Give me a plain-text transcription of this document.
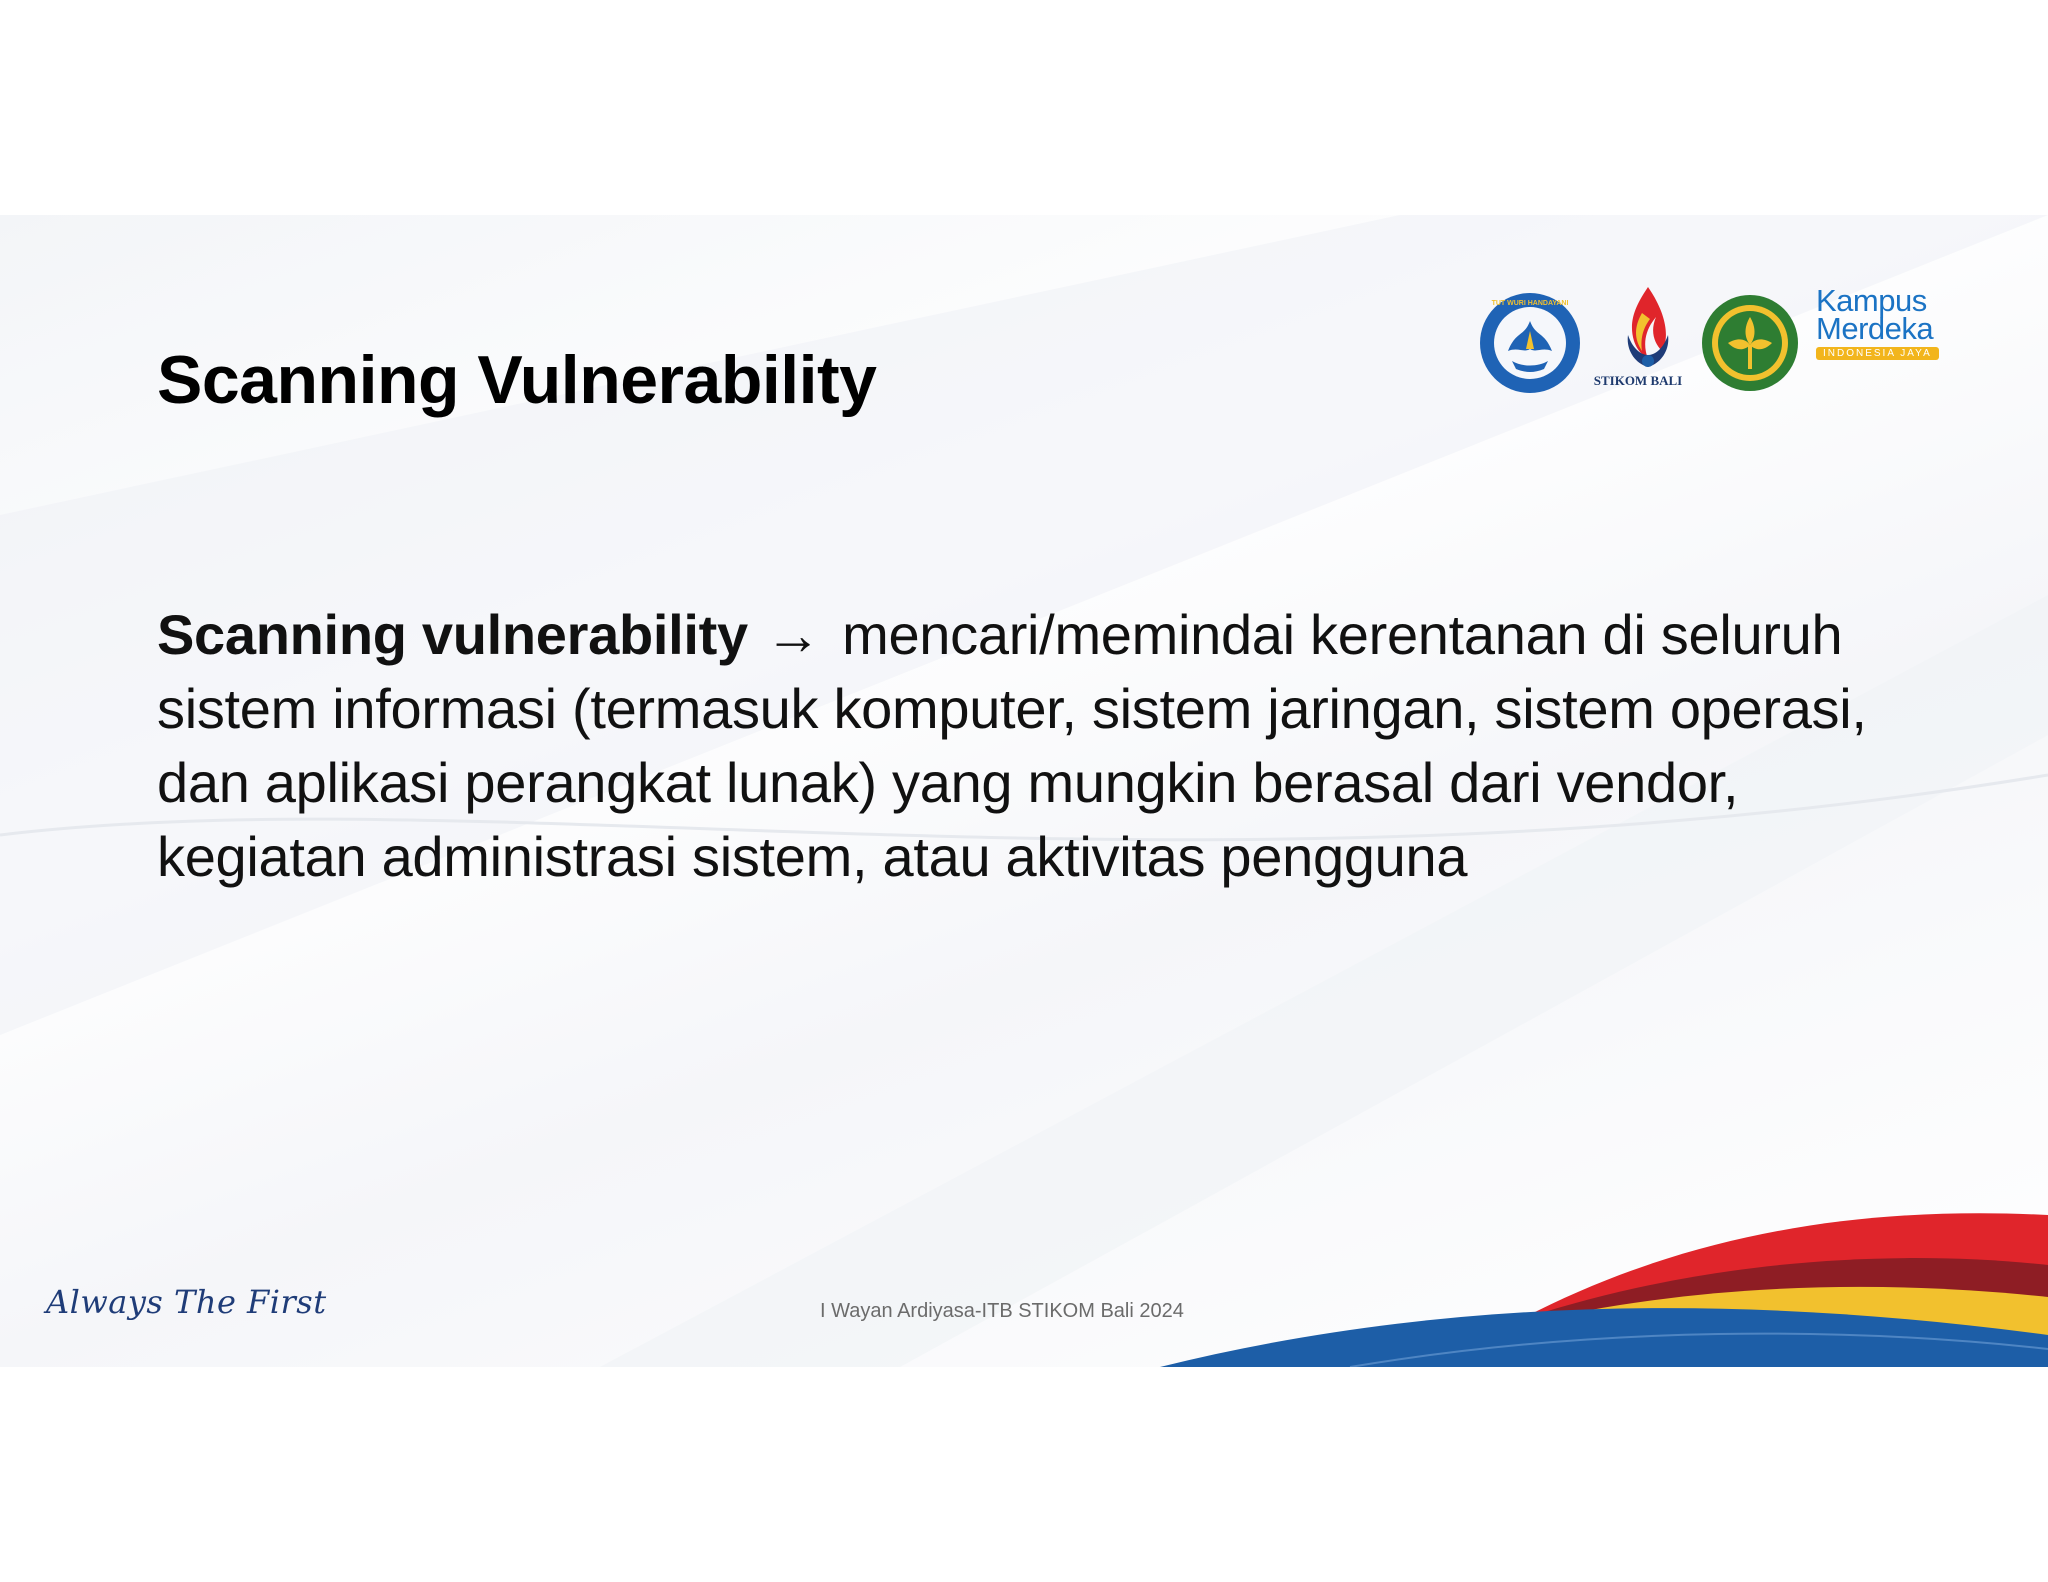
Scanning Vulnerability

Scanning vulnerability → mencari/memindai kerentanan di seluruh sistem informasi (termasuk komputer, sistem jaringan, sistem operasi, dan aplikasi perangkat lunak) yang mungkin berasal dari vendor, kegiatan administrasi sistem, atau aktivitas pengguna

TUT WURI HANDAYANI
STIKOM BALI
Kampus
Merdeka
INDONESIA JAYA
Always The First	I Wayan Ardiyasa-ITB STIKOM Bali 2024
